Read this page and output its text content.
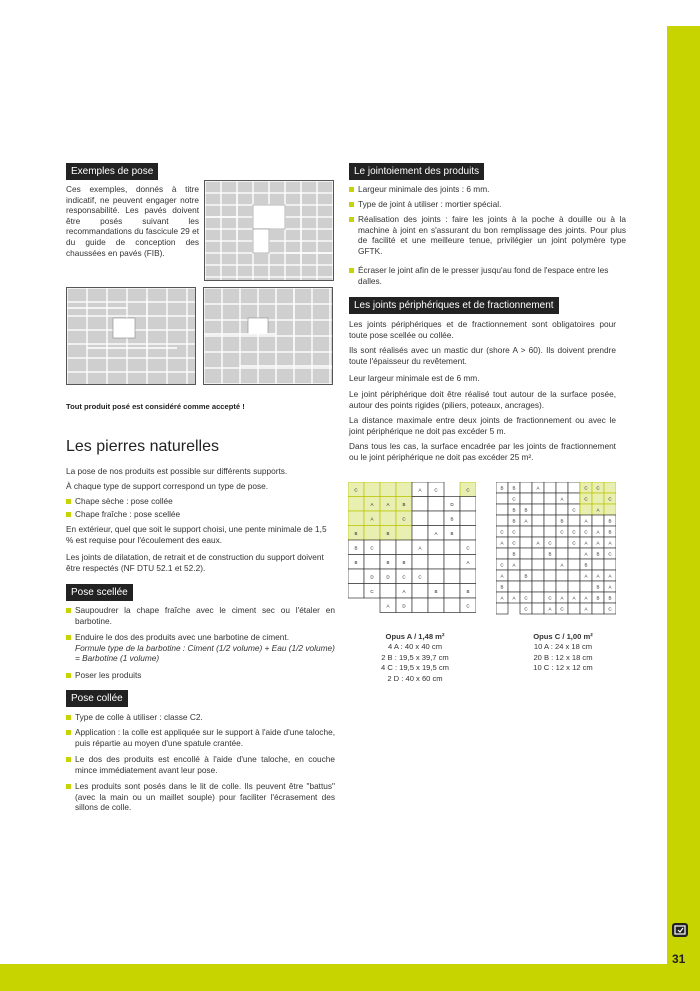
31
Exemples de pose
Ces exemples, donnés à titre indicatif, ne peuvent engager notre responsabilité. Les pavés doivent être posés suivant les recommandations du fascicule 29 et du guide de conception des chaussées en pavés (FIB).
Tout produit posé est considéré comme accepté !
Les pierres naturelles
La pose de nos produits est possible sur différents supports.
À chaque type de support correspond un type de pose.
Chape sèche : pose collée
Chape fraîche : pose scellée
En extérieur, quel que soit le support choisi, une pente minimale de 1,5 % est requise pour l'écoulement des eaux.
Les joints de dilatation, de retrait et de construction du support doivent être respectés (NF DTU 52.1 et 52.2).
Pose scellée
Saupoudrer la chape fraîche avec le ciment sec ou l'étaler en barbotine.
Enduire le dos des produits avec une barbotine de ciment.
Formule type de la barbotine : Ciment (1/2 volume) + Eau (1/2 volume) = Barbotine (1 volume)
Poser les produits
Pose collée
Type de colle à utiliser : classe C2.
Application : la colle est appliquée sur le support à l'aide d'une taloche, puis répartie au moyen d'une spatule crantée.
Le dos des produits est encollé à l'aide d'une taloche, en couche mince immédiatement avant leur pose.
Les produits sont posés dans le lit de colle. Ils peuvent être "battus" (avec la main ou un maillet souple) pour faciliter l'écrasement des sillons de colle.
Le jointoiement des produits
Largeur minimale des joints : 6 mm.
Type de joint à utiliser : mortier spécial.
Réalisation des joints : faire les joints à la poche à douille ou à la machine à joint en s'assurant du bon remplissage des joints. Pour plus de facilité et une meilleure tenue, privilégier un joint polymère type GFTK.
Écraser le joint afin de le presser jusqu'au fond de l'espace entre les dalles.
Les joints périphériques et de fractionnement
Les joints périphériques et de fractionnement sont obligatoires pour toute pose scellée ou collée.
Ils sont réalisés avec un mastic dur (shore A > 60). Ils doivent prendre toute l'épaisseur du revêtement.
Leur largeur minimale est de 6 mm.
Le joint périphérique doit être réalisé tout autour de la surface posée, autour des points rigides (piliers, poteaux, ancrages).
La distance maximale entre deux joints de fractionnement ou avec le joint périphérique ne doit pas excéder 5 m.
Dans tous les cas, la surface encadrée par les joints de fractionnement ou le joint périphérique ne doit pas excéder 25 m².
C	A	C	C
A	A	B	D
A	C	B
B	B	A	B
B	C	A	C
B	B	B	A
D	D	C	C
C	A	B	B
A	D	C
B B	A	C C
C	A	C	C
B B	C	A
B A	B	A	B
C C	C C C A B
A C	A C	C A A A
B	B	A B C
C A	A	B
A	B	A A A
B	B A
A A C	C A A A B B
C	A C	A	C
Opus A / 1,48 m²
4 A : 40 x 40 cm
2 B : 19,5 x 39,7 cm
4 C : 19,5 x 19,5 cm
2 D : 40 x 60 cm
Opus C / 1,00 m²
10 A : 24 x 18 cm
20 B : 12 x 18 cm
10 C : 12 x 12 cm
